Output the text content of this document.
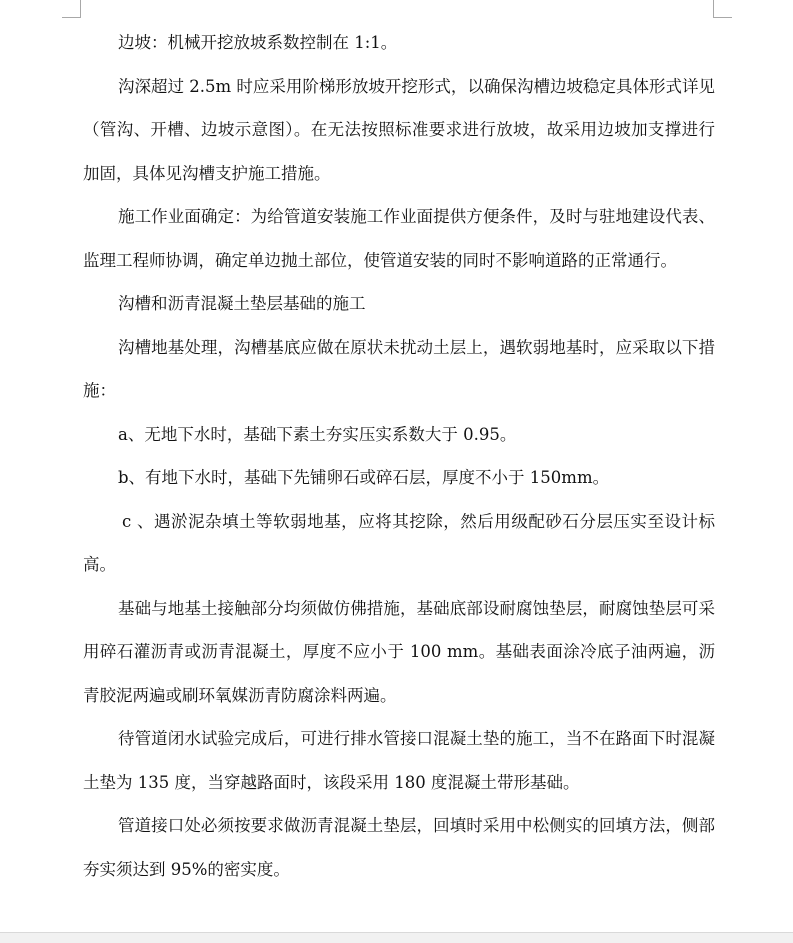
边坡：机械开挖放坡系数控制在 1:1。

沟深超过 2.5m 时应采用阶梯形放坡开挖形式，以确保沟槽边坡稳定具体形式详见（管沟、开槽、边坡示意图）。在无法按照标准要求进行放坡，故采用边坡加支撑进行加固，具体见沟槽支护施工措施。

施工作业面确定：为给管道安装施工作业面提供方便条件，及时与驻地建设代表、监理工程师协调，确定单边抛土部位，使管道安装的同时不影响道路的正常通行。

沟槽和沥青混凝土垫层基础的施工

沟槽地基处理，沟槽基底应做在原状未扰动土层上，遇软弱地基时，应采取以下措施：

a、无地下水时，基础下素土夯实压实系数大于 0.95。

b、有地下水时，基础下先铺卵石或碎石层，厚度不小于 150mm。

c 、遇淤泥杂填土等软弱地基，应将其挖除，然后用级配砂石分层压实至设计标高。

基础与地基土接触部分均须做仿佛措施，基础底部设耐腐蚀垫层，耐腐蚀垫层可采用碎石灌沥青或沥青混凝土，厚度不应小于 100 mm。基础表面涂冷底子油两遍，沥青胶泥两遍或刷环氧媒沥青防腐涂料两遍。

待管道闭水试验完成后，可进行排水管接口混凝土垫的施工，当不在路面下时混凝土垫为 135 度，当穿越路面时，该段采用 180 度混凝土带形基础。

管道接口处必须按要求做沥青混凝土垫层，回填时采用中松侧实的回填方法，侧部夯实须达到 95%的密实度。
